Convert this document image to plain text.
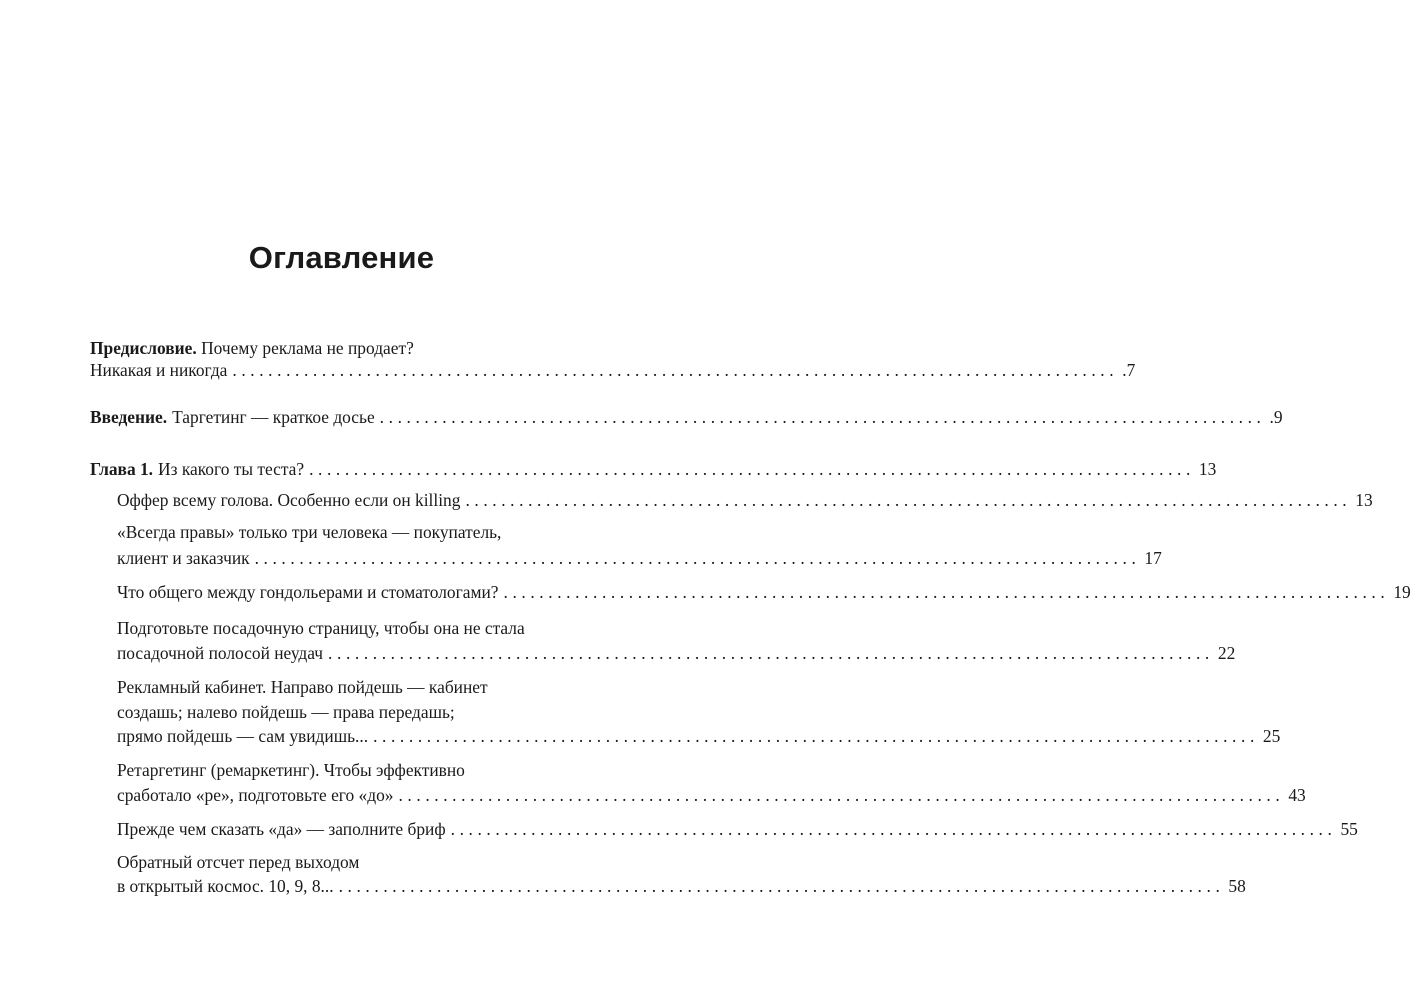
Оглавление
Предисловие. Почему реклама не продает?
Никакая и никогда ................................................................................................... .7
Введение. Таргетинг — краткое досье ................................................................................................... .9
Глава 1. Из какого ты теста? ................................................................................................... 13
Оффер всему голова. Особенно если он killing ................................................................................................... 13
«Всегда правы» только три человека — покупатель,
клиент и заказчик ................................................................................................... 17
Что общего между гондольерами и стоматологами? ................................................................................................... 19
Подготовьте посадочную страницу, чтобы она не стала
посадочной полосой неудач ................................................................................................... 22
Рекламный кабинет. Направо пойдешь — кабинет
создашь; налево пойдешь — права передашь;
прямо пойдешь — сам увидишь... ................................................................................................... 25
Ретаргетинг (ремаркетинг). Чтобы эффективно
сработало «ре», подготовьте его «до» ................................................................................................... 43
Прежде чем сказать «да» — заполните бриф ................................................................................................... 55
Обратный отсчет перед выходом
в открытый космос. 10, 9, 8... ................................................................................................... 58
